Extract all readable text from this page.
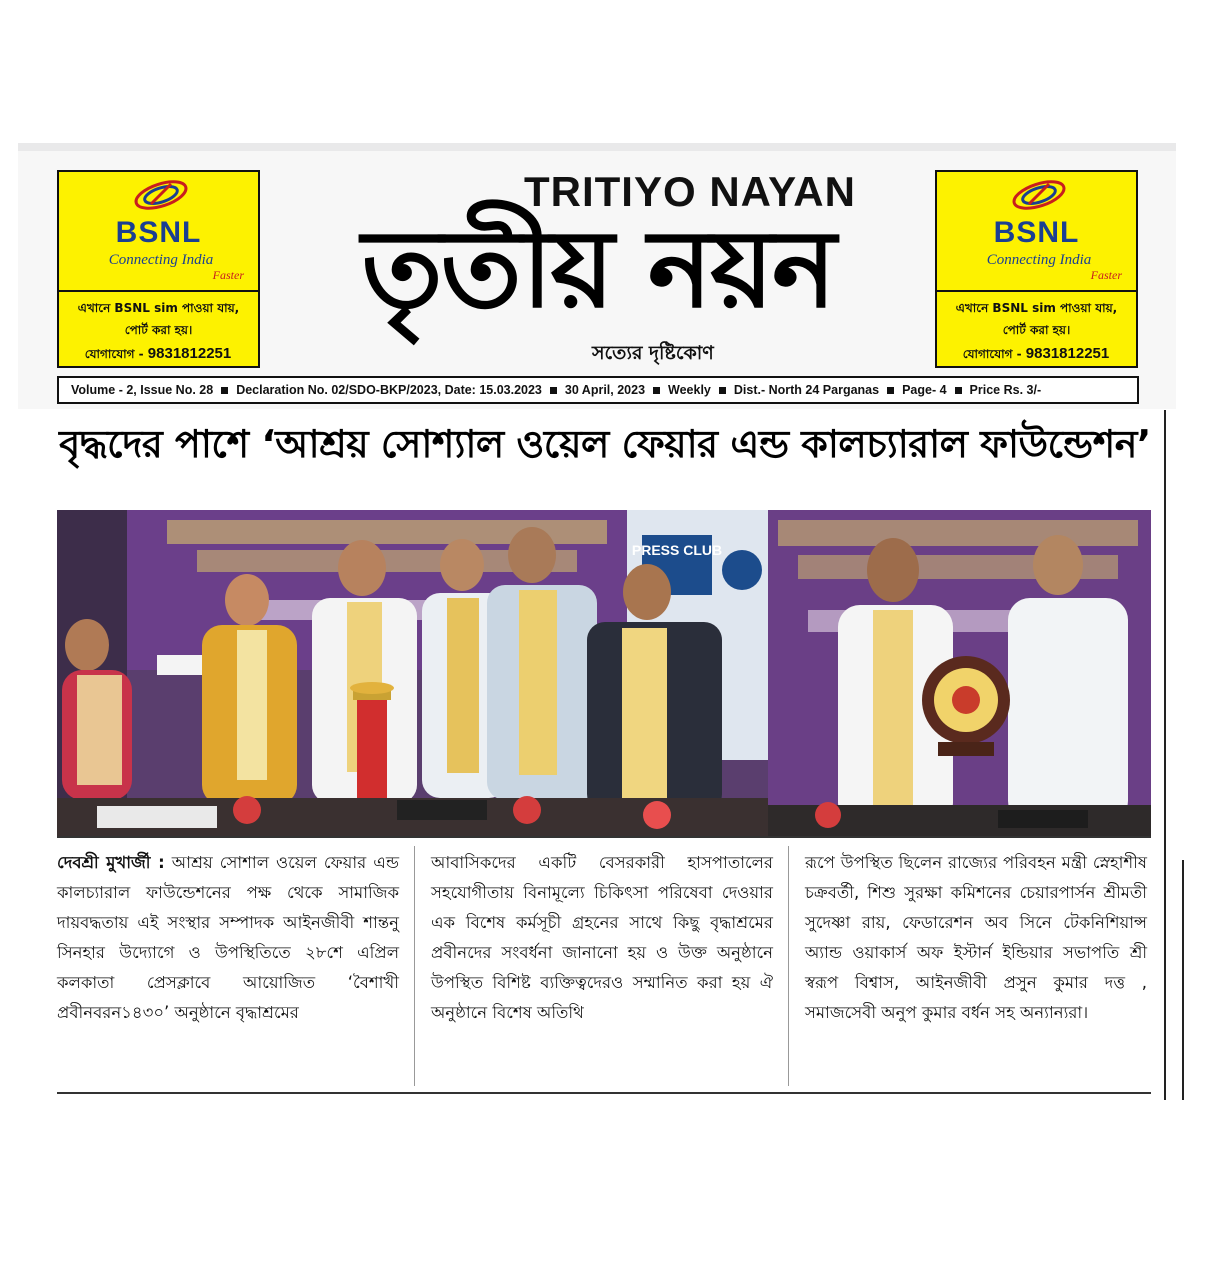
BSNL
Connecting India
Faster
এখানে BSNL sim পাওয়া যায়,
পোর্ট করা হয়।
যোগাযোগ - 9831812251
BSNL
Connecting India
Faster
এখানে BSNL sim পাওয়া যায়,
পোর্ট করা হয়।
যোগাযোগ - 9831812251
TRITIYO NAYAN
তৃতীয় নয়ন
সত্যের দৃষ্টিকোণ
Volume - 2, Issue No. 28 Declaration No. 02/SDO-BKP/2023, Date: 15.03.2023 30 April, 2023 Weekly Dist.- North 24 Parganas Page- 4 Price Rs. 3/-
বৃদ্ধদের পাশে ‘আশ্রয় সোশ্যাল ওয়েল ফেয়ার এন্ড কালচ্যারাল ফাউন্ডেশন’
PRESS CLUB
দেবশ্রী মুখার্জী : আশ্রয় সোশাল ওয়েল ফেয়ার এন্ড কালচ্যারাল ফাউন্ডেশনের পক্ষ থেকে সামাজিক দায়বদ্ধতায় এই সংস্থার সম্পাদক আইনজীবী শান্তনু সিনহার উদ্যোগে ও উপস্থিতিতে ২৮শে এপ্রিল কলকাতা প্রেসক্লাবে আয়োজিত ‘বৈশাখী প্রবীনবরন১৪৩০’ অনুষ্ঠানে বৃদ্ধাশ্রমের
আবাসিকদের একটি বেসরকারী হাসপাতালের সহযোগীতায় বিনামূল্যে চিকিৎসা পরিষেবা দেওয়ার এক বিশেষ কর্মসূচী গ্রহনের সাথে কিছু বৃদ্ধাশ্রমের প্রবীনদের সংবর্ধনা জানানো হয় ও উক্ত অনুষ্ঠানে উপস্থিত বিশিষ্ট ব্যক্তিত্বদেরও সম্মানিত করা হয় ঐ অনুষ্ঠানে বিশেষ অতিথি
রূপে উপস্থিত ছিলেন রাজ্যের পরিবহন মন্ত্রী স্নেহাশীষ চক্রবর্তী, শিশু সুরক্ষা কমিশনের চেয়ারপার্সন শ্রীমতী সুদেষ্ণা রায়, ফেডারেশন অব সিনে টেকনিশিয়ান্স অ্যান্ড ওয়াকার্স অফ ইস্টার্ন ইন্ডিয়ার সভাপতি শ্রী স্বরূপ বিশ্বাস, আইনজীবী প্রসুন কুমার দত্ত , সমাজসেবী অনুপ কুমার বর্ধন সহ অন্যান্যরা।
